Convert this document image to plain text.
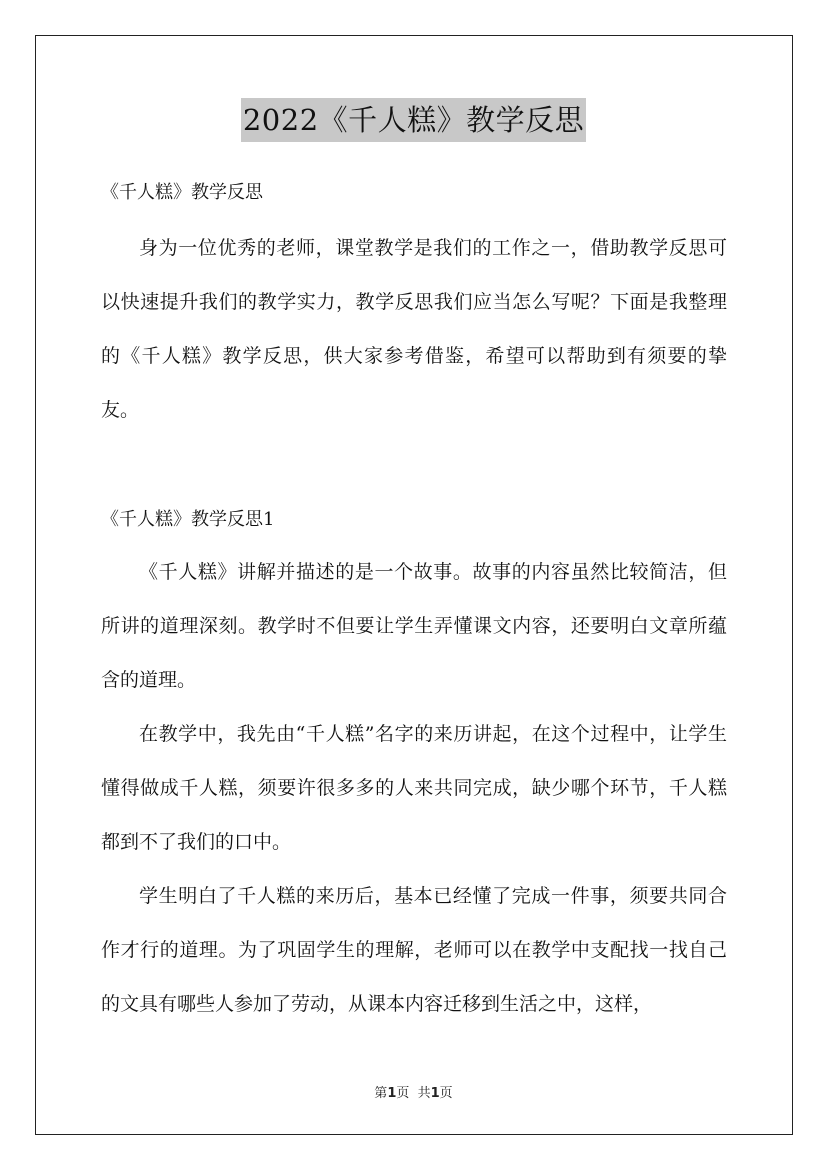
2022《千人糕》教学反思

《千人糕》教学反思

身为一位优秀的老师，课堂教学是我们的工作之一，借助教学反思可以快速提升我们的教学实力，教学反思我们应当怎么写呢？下面是我整理的《千人糕》教学反思，供大家参考借鉴，希望可以帮助到有须要的挚友。

《千人糕》教学反思1

《千人糕》讲解并描述的是一个故事。故事的内容虽然比较简洁，但所讲的道理深刻。教学时不但要让学生弄懂课文内容，还要明白文章所蕴含的道理。

在教学中，我先由“千人糕”名字的来历讲起，在这个过程中，让学生懂得做成千人糕，须要许很多多的人来共同完成，缺少哪个环节，千人糕都到不了我们的口中。

学生明白了千人糕的来历后，基本已经懂了完成一件事，须要共同合作才行的道理。为了巩固学生的理解，老师可以在教学中支配找一找自己的文具有哪些人参加了劳动，从课本内容迁移到生活之中，这样，

第1页  共1页
